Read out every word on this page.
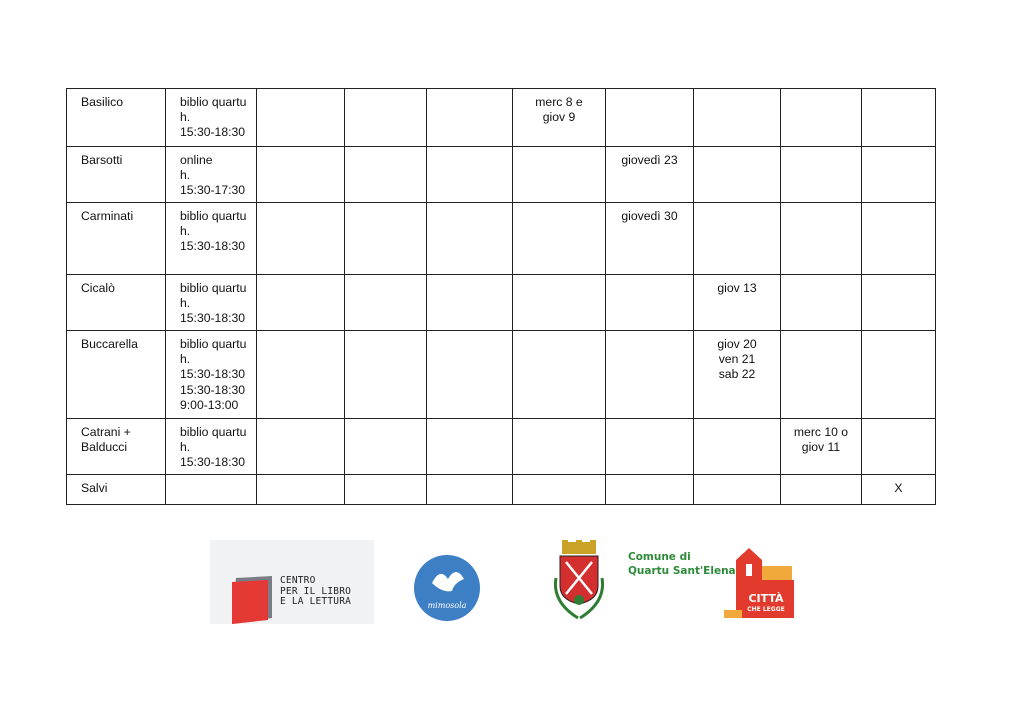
Basilico	biblio quartu
h.
15:30-18:30				merc 8 e
giov 9				
Barsotti	online
h.
15:30-17:30					giovedì 23			
Carminati	biblio quartu
h.
15:30-18:30					giovedì 30			
Cicalò	biblio quartu
h.
15:30-18:30						giov 13		
Buccarella	biblio quartu
h.
15:30-18:30
15:30-18:30
9:00-13:00						giov 20
ven 21
sab 22		
Catrani +
Balducci	biblio quartu
h.
15:30-18:30							merc 10 o
giov 11	
Salvi									X
CENTRO
PER IL LIBRO
E LA LETTURA	mimosola
Comune di
Quartu Sant'Elena
CITTÀ
CHE LEGGE
